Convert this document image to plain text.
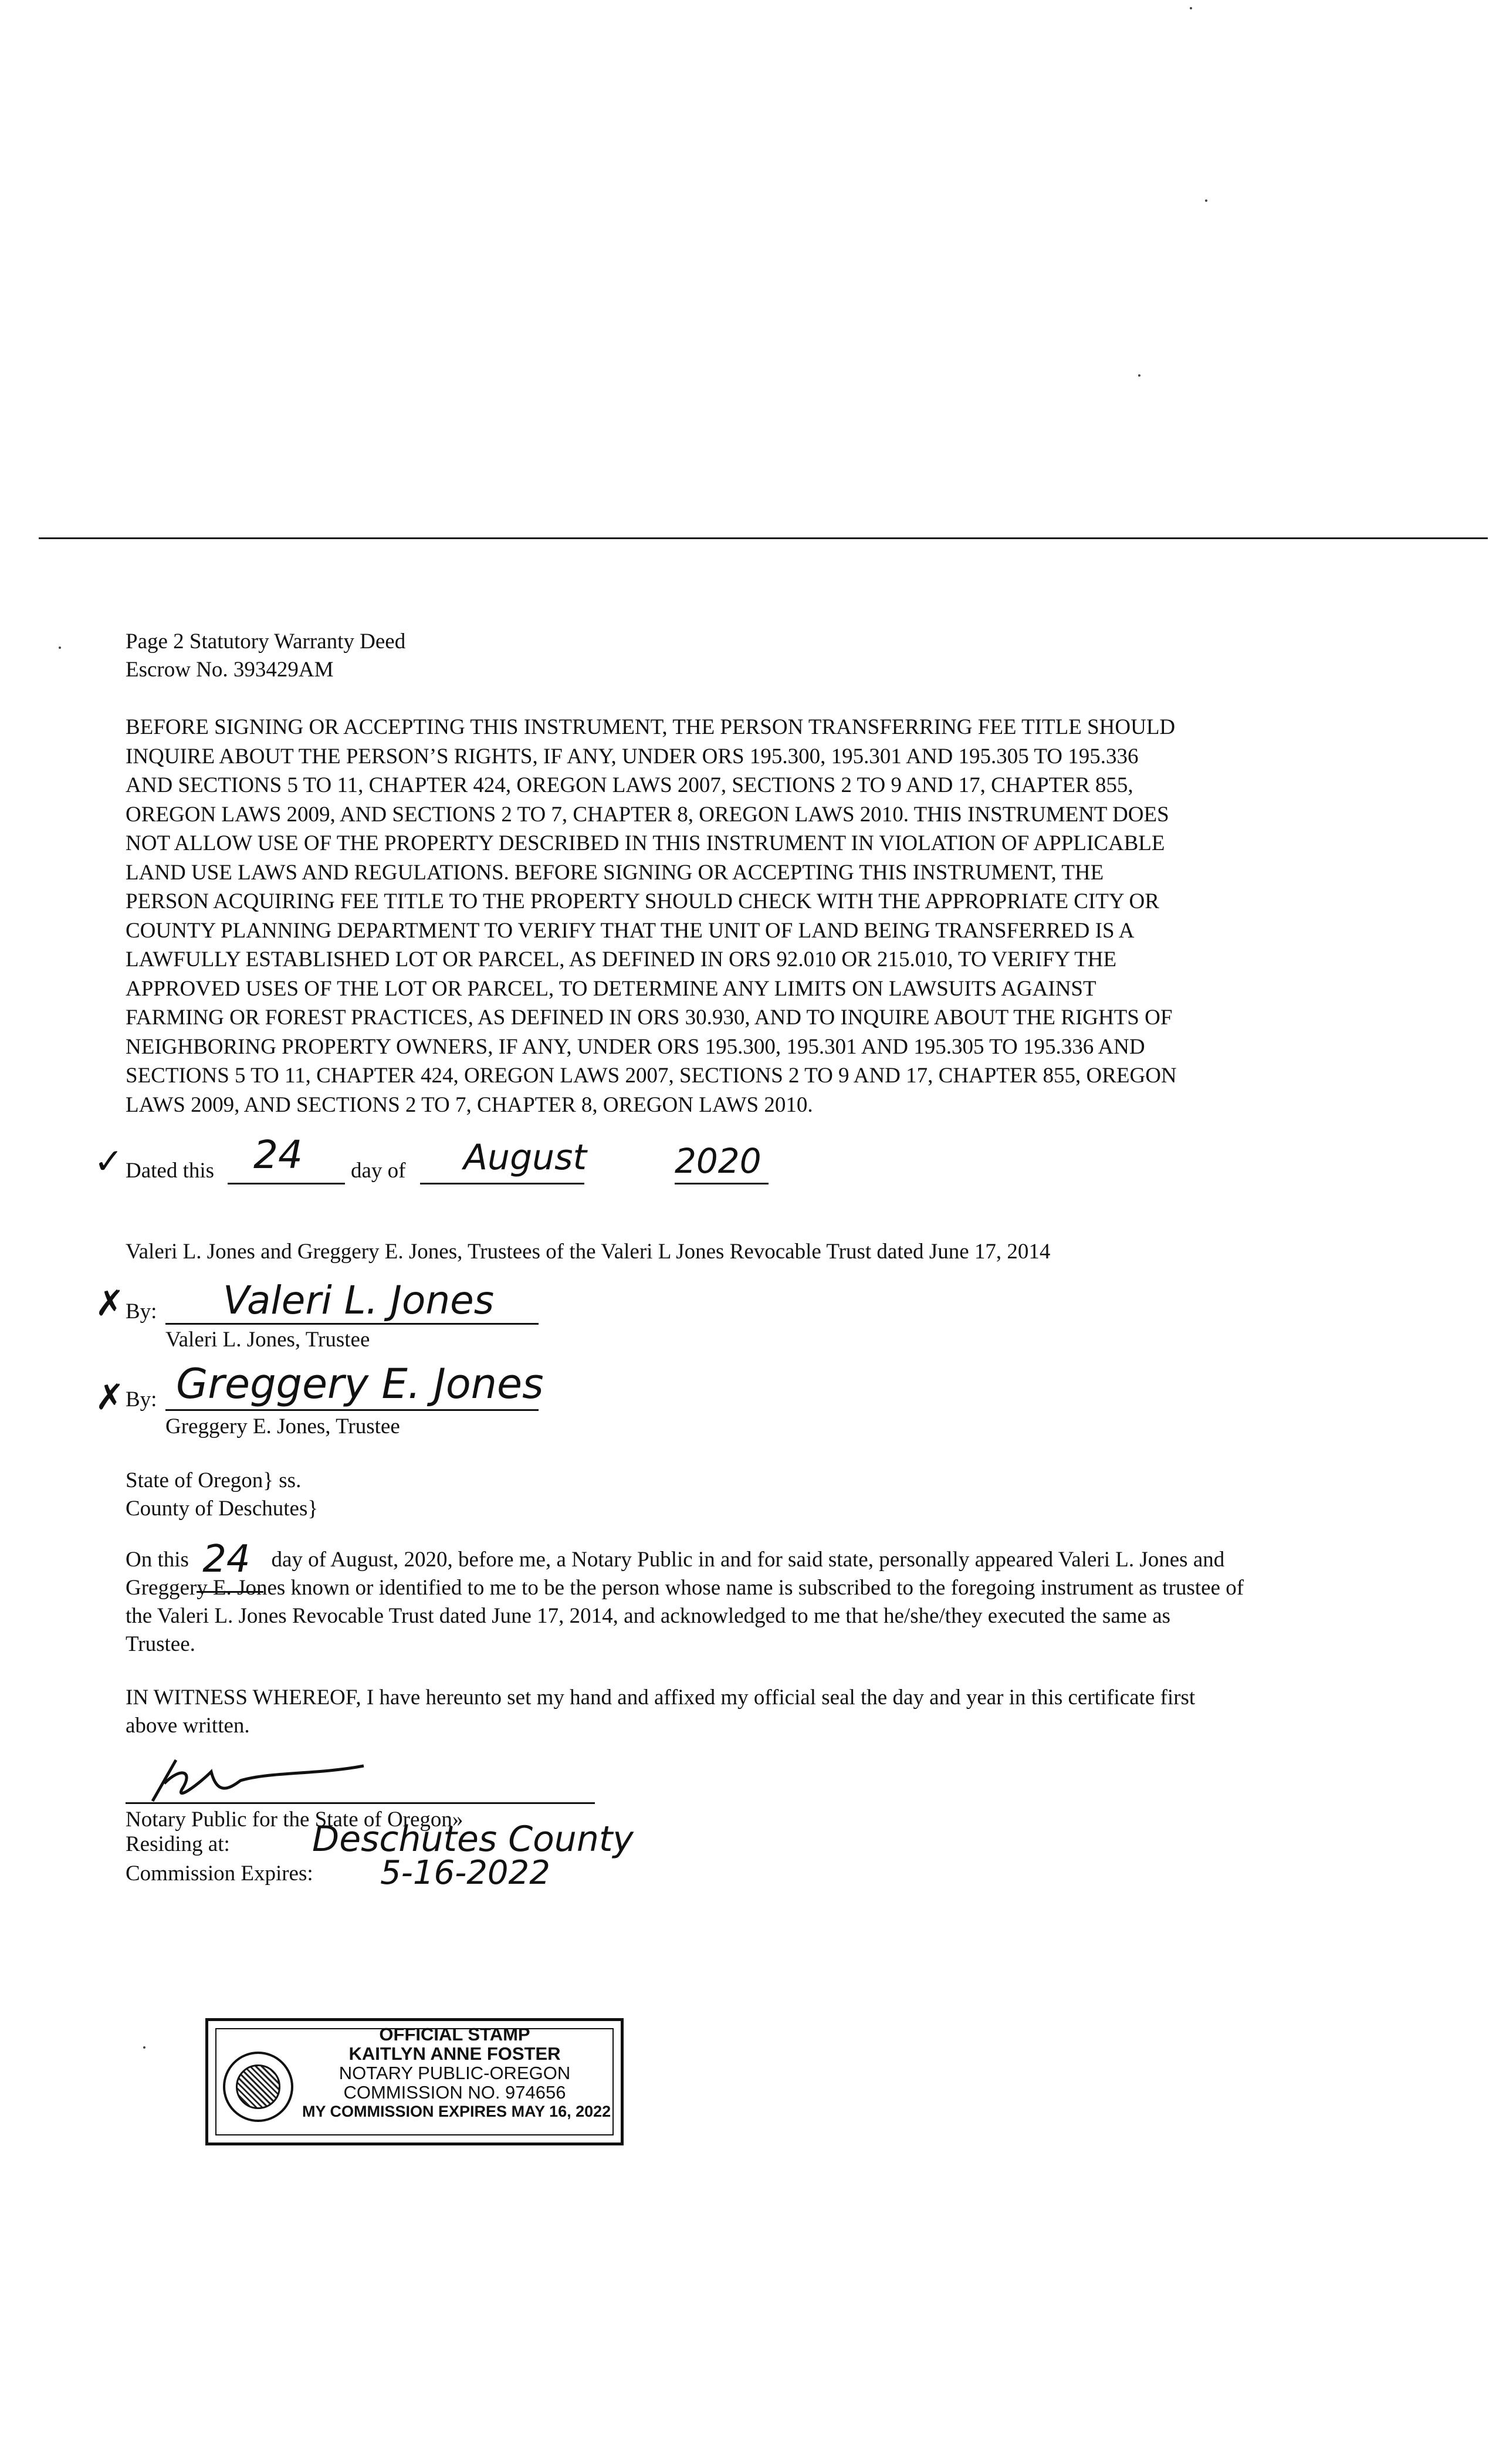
Page 2 Statutory Warranty Deed
Escrow No. 393429AM
BEFORE SIGNING OR ACCEPTING THIS INSTRUMENT, THE PERSON TRANSFERRING FEE TITLE SHOULD
INQUIRE ABOUT THE PERSON’S RIGHTS, IF ANY, UNDER ORS 195.300, 195.301 AND 195.305 TO 195.336
AND SECTIONS 5 TO 11, CHAPTER 424, OREGON LAWS 2007, SECTIONS 2 TO 9 AND 17, CHAPTER 855,
OREGON LAWS 2009, AND SECTIONS 2 TO 7, CHAPTER 8, OREGON LAWS 2010. THIS INSTRUMENT DOES
NOT ALLOW USE OF THE PROPERTY DESCRIBED IN THIS INSTRUMENT IN VIOLATION OF APPLICABLE
LAND USE LAWS AND REGULATIONS. BEFORE SIGNING OR ACCEPTING THIS INSTRUMENT, THE
PERSON ACQUIRING FEE TITLE TO THE PROPERTY SHOULD CHECK WITH THE APPROPRIATE CITY OR
COUNTY PLANNING DEPARTMENT TO VERIFY THAT THE UNIT OF LAND BEING TRANSFERRED IS A
LAWFULLY ESTABLISHED LOT OR PARCEL, AS DEFINED IN ORS 92.010 OR 215.010, TO VERIFY THE
APPROVED USES OF THE LOT OR PARCEL, TO DETERMINE ANY LIMITS ON LAWSUITS AGAINST
FARMING OR FOREST PRACTICES, AS DEFINED IN ORS 30.930, AND TO INQUIRE ABOUT THE RIGHTS OF
NEIGHBORING PROPERTY OWNERS, IF ANY, UNDER ORS 195.300, 195.301 AND 195.305 TO 195.336 AND
SECTIONS 5 TO 11, CHAPTER 424, OREGON LAWS 2007, SECTIONS 2 TO 9 AND 17, CHAPTER 855, OREGON
LAWS 2009, AND SECTIONS 2 TO 7, CHAPTER 8, OREGON LAWS 2010.
✓ Dated this 24 day of August	2020
Valeri L. Jones and Greggery E. Jones, Trustees of the Valeri L Jones Revocable Trust dated June 17, 2014
✗ By: Valeri L. Jones
Valeri L. Jones, Trustee
✗ By: Greggery E. Jones
Greggery E. Jones, Trustee
State of Oregon} ss.
County of Deschutes}
On this 24 day of August, 2020, before me, a Notary Public in and for said state, personally appeared Valeri L. Jones and
Greggery E. Jones known or identified to me to be the person whose name is subscribed to the foregoing instrument as trustee of
the Valeri L. Jones Revocable Trust dated June 17, 2014, and acknowledged to me that he/she/they executed the same as
Trustee.
IN WITNESS WHEREOF, I have hereunto set my hand and affixed my official seal the day and year in this certificate first
above written.
Notary Public for the State of Oregon»
Residing at: Deschutes County
Commission Expires: 5-16-2022
OFFICIAL STAMP
KAITLYN ANNE FOSTER
NOTARY PUBLIC-OREGON
COMMISSION NO. 974656
MY COMMISSION EXPIRES MAY 16, 2022
